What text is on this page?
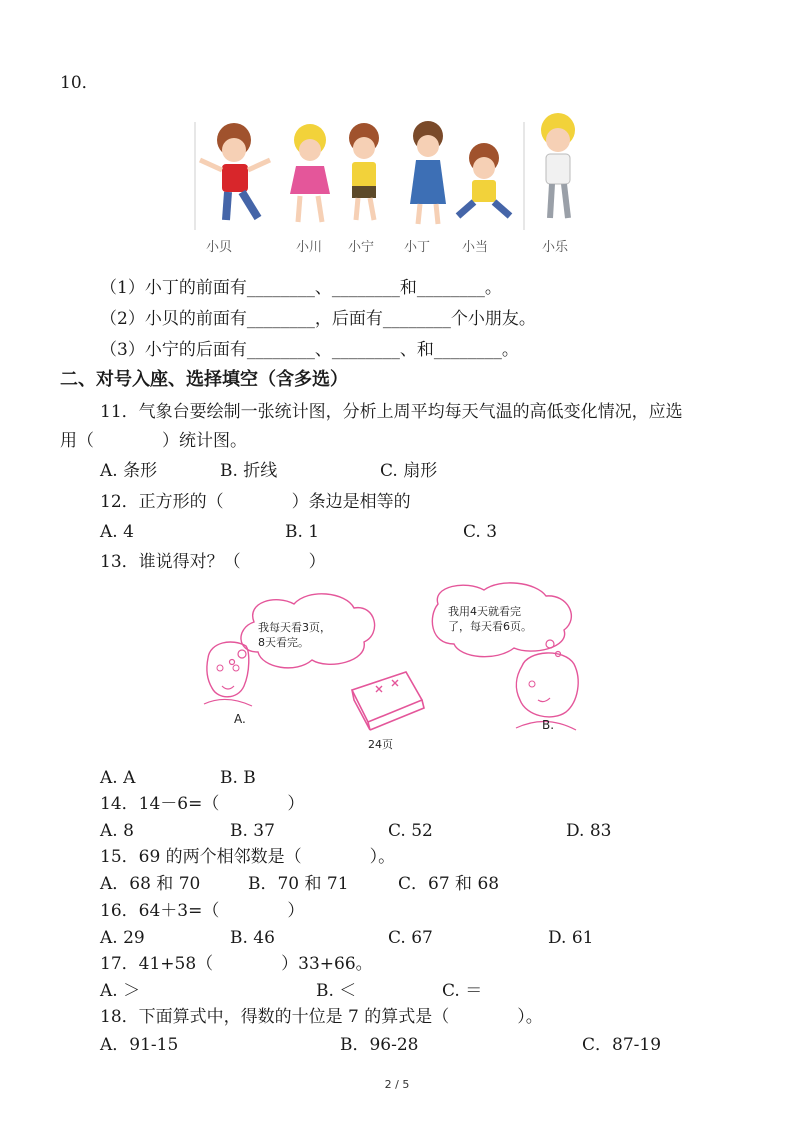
10．
小贝	小川 小宁 小丁 小当	小乐
（1）小丁的前面有________、________和________。
（2）小贝的前面有________，后面有________个小朋友。
（3）小宁的后面有________、________、和________。
二、对号入座、选择填空（含多选）
11．气象台要绘制一张统计图，分析上周平均每天气温的高低变化情况，应选
用（　　　　）统计图。
A. 条形	B. 折线	C. 扇形
12．正方形的（　　　　）条边是相等的
A. 4	B. 1	C. 3
13．谁说得对？（　　　　）
我每天看3页，
8天看完。
我用4天就看完
了，每天看6页。
A.	B.
24页
A. A	B. B
14．14－6=（　　　　）
A. 8	B. 37	C. 52	D. 83
15．69 的两个相邻数是（　　　　）。
A．68 和 70	B．70 和 71	C．67 和 68
16．64＋3=（　　　　）
A. 29	B. 46	C. 67	D. 61
17．41+58（　　　　）33+66。
A. ＞	B. ＜	C. ＝
18．下面算式中，得数的十位是 7 的算式是（　　　　）。
A．91-15	B．96-28	C．87-19
2 / 5
